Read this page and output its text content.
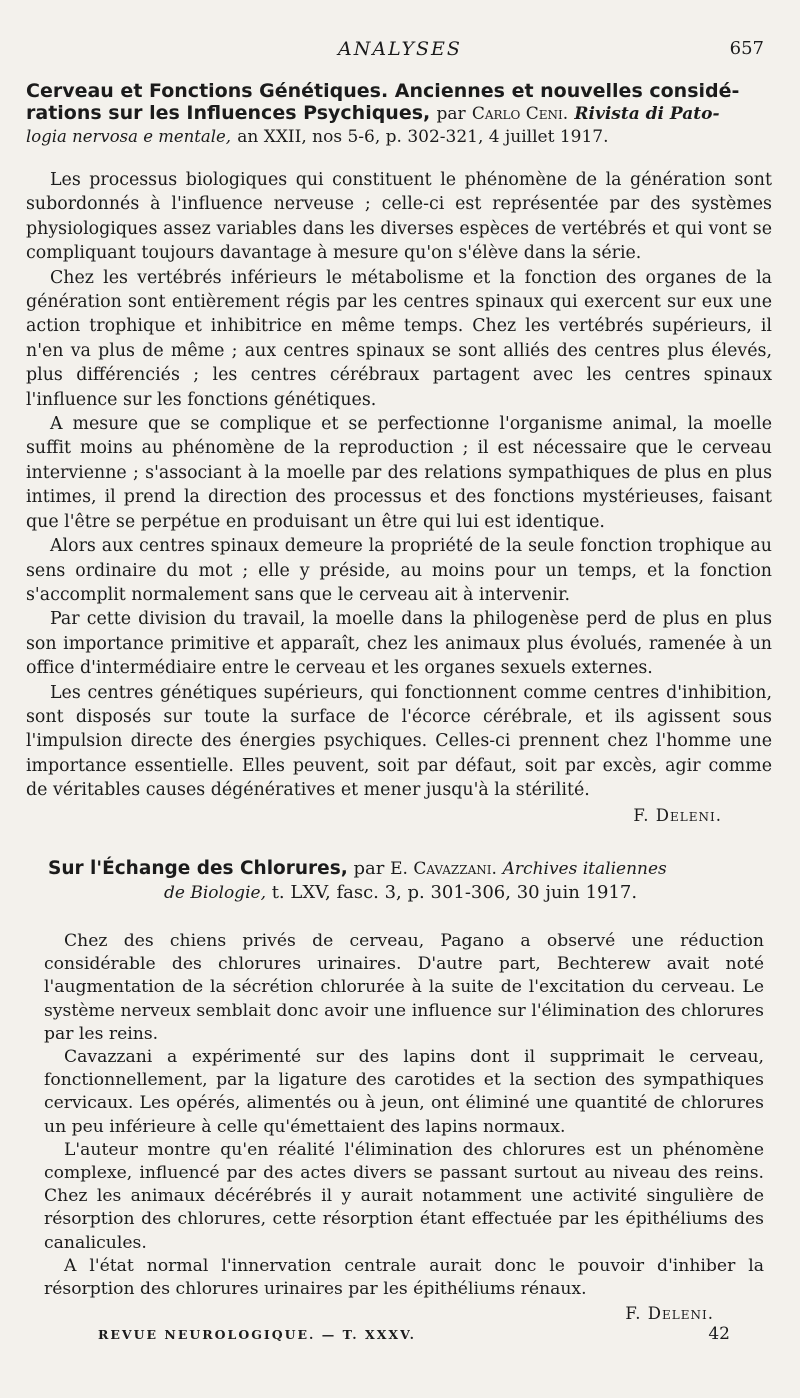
ANALYSES	657
Cerveau et Fonctions Génétiques. Anciennes et nouvelles considé-
rations sur les Influences Psychiques, par Carlo Ceni. Rivista di Pato-
logia nervosa e mentale, an XXII, nos 5-6, p. 302-321, 4 juillet 1917.

Les processus biologiques qui constituent le phénomène de la génération sont subordonnés à l'influence nerveuse ; celle-ci est représentée par des systèmes physiologiques assez variables dans les diverses espèces de vertébrés et qui vont se compliquant toujours davantage à mesure qu'on s'élève dans la série.

Chez les vertébrés inférieurs le métabolisme et la fonction des organes de la génération sont entièrement régis par les centres spinaux qui exercent sur eux une action trophique et inhibitrice en même temps. Chez les vertébrés supérieurs, il n'en va plus de même ; aux centres spinaux se sont alliés des centres plus élevés, plus différenciés ; les centres cérébraux partagent avec les centres spinaux l'influence sur les fonctions génétiques.

A mesure que se complique et se perfectionne l'organisme animal, la moelle suffit moins au phénomène de la reproduction ; il est nécessaire que le cerveau intervienne ; s'associant à la moelle par des relations sympathiques de plus en plus intimes, il prend la direction des processus et des fonctions mystérieuses, faisant que l'être se perpétue en produisant un être qui lui est identique.

Alors aux centres spinaux demeure la propriété de la seule fonction trophique au sens ordinaire du mot ; elle y préside, au moins pour un temps, et la fonction s'accomplit normalement sans que le cerveau ait à intervenir.

Par cette division du travail, la moelle dans la philogenèse perd de plus en plus son importance primitive et apparaît, chez les animaux plus évolués, ramenée à un office d'intermédiaire entre le cerveau et les organes sexuels externes.

Les centres génétiques supérieurs, qui fonctionnent comme centres d'inhibition, sont disposés sur toute la surface de l'écorce cérébrale, et ils agissent sous l'impulsion directe des énergies psychiques. Celles-ci prennent chez l'homme une importance essentielle. Elles peuvent, soit par défaut, soit par excès, agir comme de véritables causes dégénératives et mener jusqu'à la stérilité.

F. Deleni.
Sur l'Échange des Chlorures, par E. Cavazzani. Archives italiennes
de Biologie, t. LXV, fasc. 3, p. 301-306, 30 juin 1917.

Chez des chiens privés de cerveau, Pagano a observé une réduction considérable des chlorures urinaires. D'autre part, Bechterew avait noté l'augmentation de la sécrétion chlorurée à la suite de l'excitation du cerveau. Le système nerveux semblait donc avoir une influence sur l'élimination des chlorures par les reins.

Cavazzani a expérimenté sur des lapins dont il supprimait le cerveau, fonctionnellement, par la ligature des carotides et la section des sympathiques cervicaux. Les opérés, alimentés ou à jeun, ont éliminé une quantité de chlorures un peu inférieure à celle qu'émettaient des lapins normaux.

L'auteur montre qu'en réalité l'élimination des chlorures est un phénomène complexe, influencé par des actes divers se passant surtout au niveau des reins. Chez les animaux décérébrés il y aurait notamment une activité singulière de résorption des chlorures, cette résorption étant effectuée par les épithéliums des canalicules.

A l'état normal l'innervation centrale aurait donc le pouvoir d'inhiber la résorption des chlorures urinaires par les épithéliums rénaux.

F. Deleni.
REVUE NEUROLOGIQUE. — T. XXXV.	42
